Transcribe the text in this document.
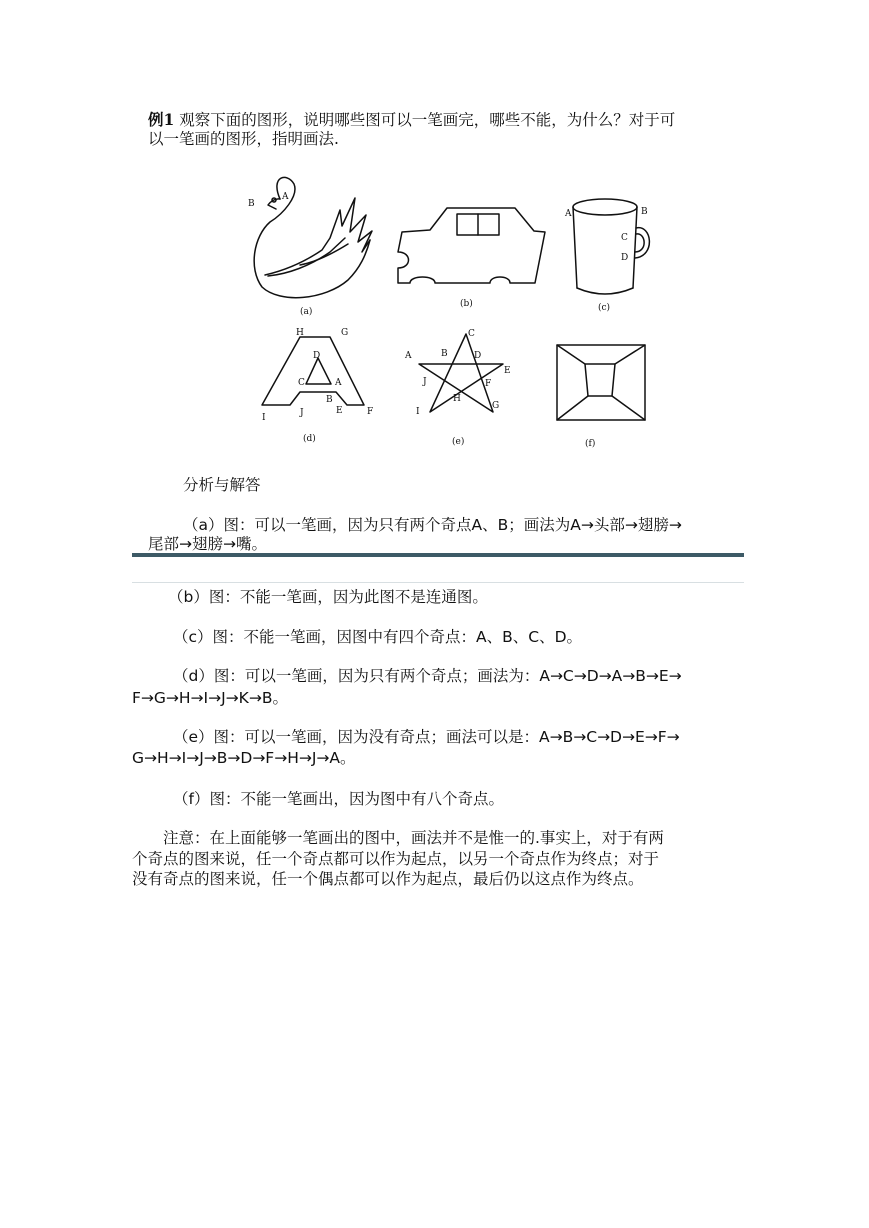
例1 观察下面的图形，说明哪些图可以一笔画完，哪些不能，为什么？对于可
以一笔画的图形，指明画法.
(a)
(b)	(c)
(d)	(e)	(f)
A
B
A	B
C
D
H	G
D
C	A
B
I	J	E	F
C
A	B	D
E
J	F
H
I
G
分析与解答
（a）图：可以一笔画，因为只有两个奇点A、B；画法为A→头部→翅膀→
尾部→翅膀→嘴。
（b）图：不能一笔画，因为此图不是连通图。
（c）图：不能一笔画，因图中有四个奇点：A、B、C、D。
（d）图：可以一笔画，因为只有两个奇点；画法为：A→C→D→A→B→E→
F→G→H→I→J→K→B。
（e）图：可以一笔画，因为没有奇点；画法可以是：A→B→C→D→E→F→
G→H→I→J→B→D→F→H→J→A。
（f）图：不能一笔画出，因为图中有八个奇点。
注意：在上面能够一笔画出的图中，画法并不是惟一的.事实上，对于有两
个奇点的图来说，任一个奇点都可以作为起点，以另一个奇点作为终点；对于
没有奇点的图来说，任一个偶点都可以作为起点，最后仍以这点作为终点。
